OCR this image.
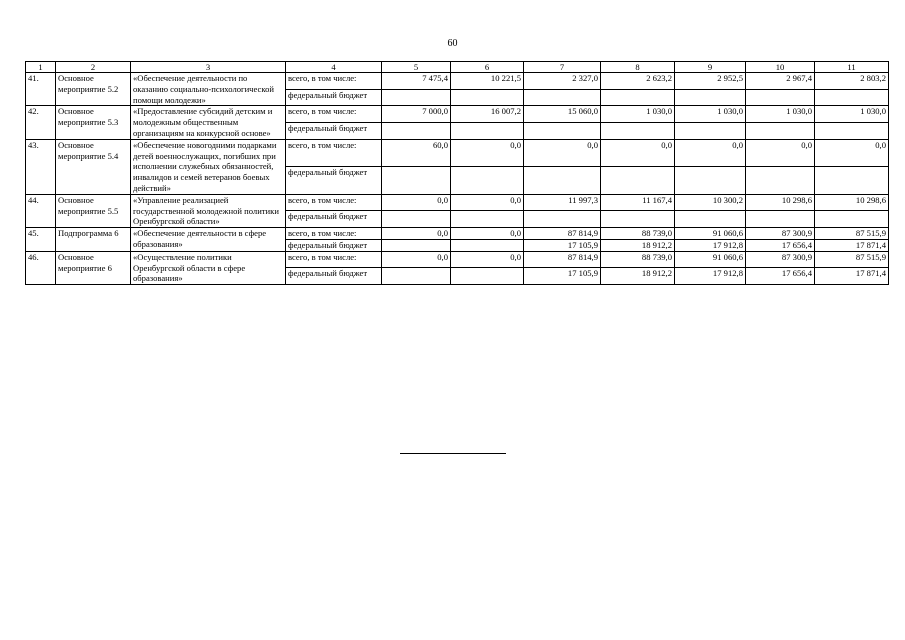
60
1	2	3	4	5	6	7	8	9	10	11
41.	Основное мероприятие 5.2	«Обеспечение деятельности по оказанию социально-психологической помощи молодежи»	всего, в том числе:	7 475,4	10 221,5	2 327,0	2 623,2	2 952,5	2 967,4	2 803,2
			федеральный бюджет							
42.	Основное мероприятие 5.3	«Предоставление субсидий детским и молодежным общественным организациям на конкурсной основе»	всего, в том числе:	7 000,0	16 007,2	15 060,0	1 030,0	1 030,0	1 030,0	1 030,0
			федеральный бюджет							
43.	Основное мероприятие 5.4	«Обеспечение новогодними подарками детей военнослужащих, погибших при исполнении служебных обязанностей, инвалидов и семей ветеранов боевых действий»	всего, в том числе:	60,0	0,0	0,0	0,0	0,0	0,0	0,0
			федеральный бюджет							
44.	Основное мероприятие 5.5	«Управление реализацией государственной молодежной политики Оренбургской области»	всего, в том числе:	0,0	0,0	11 997,3	11 167,4	10 300,2	10 298,6	10 298,6
			федеральный бюджет							
45.	Подпрограмма 6	«Обеспечение деятельности в сфере образования»	всего, в том числе:	0,0	0,0	87 814,9	88 739,0	91 060,6	87 300,9	87 515,9
			федеральный бюджет			17 105,9	18 912,2	17 912,8	17 656,4	17 871,4
46.	Основное мероприятие 6	«Осуществление политики Оренбургской области в сфере образования»	всего, в том числе:	0,0	0,0	87 814,9	88 739,0	91 060,6	87 300,9	87 515,9
			федеральный бюджет			17 105,9	18 912,2	17 912,8	17 656,4	17 871,4
